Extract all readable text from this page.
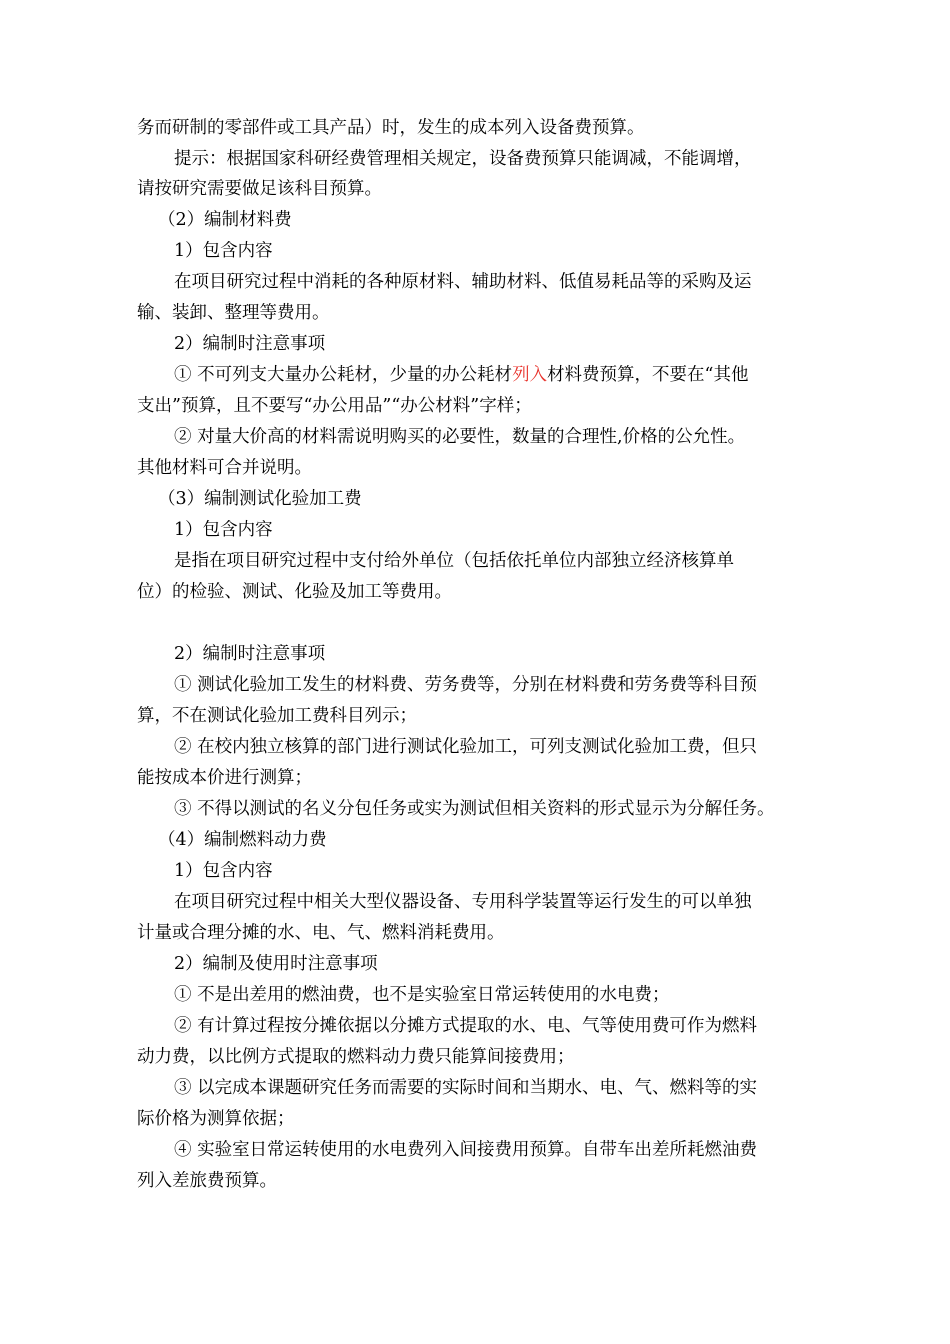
务而研制的零部件或工具产品）时，发生的成本列入设备费预算。
提示：根据国家科研经费管理相关规定，设备费预算只能调减，不能调增，
请按研究需要做足该科目预算。
（2）编制材料费
1）包含内容
在项目研究过程中消耗的各种原材料、辅助材料、低值易耗品等的采购及运
输、装卸、整理等费用。
2）编制时注意事项
① 不可列支大量办公耗材，少量的办公耗材列入材料费预算，不要在“其他
支出”预算，且不要写“办公用品”“办公材料”字样；
② 对量大价高的材料需说明购买的必要性，数量的合理性,价格的公允性。
其他材料可合并说明。
（3）编制测试化验加工费
1）包含内容
是指在项目研究过程中支付给外单位（包括依托单位内部独立经济核算单
位）的检验、测试、化验及加工等费用。
2）编制时注意事项
① 测试化验加工发生的材料费、劳务费等，分别在材料费和劳务费等科目预
算，不在测试化验加工费科目列示；
② 在校内独立核算的部门进行测试化验加工，可列支测试化验加工费，但只
能按成本价进行测算；
③ 不得以测试的名义分包任务或实为测试但相关资料的形式显示为分解任务。
（4）编制燃料动力费
1）包含内容
在项目研究过程中相关大型仪器设备、专用科学装置等运行发生的可以单独
计量或合理分摊的水、电、气、燃料消耗费用。
2）编制及使用时注意事项
① 不是出差用的燃油费，也不是实验室日常运转使用的水电费；
② 有计算过程按分摊依据以分摊方式提取的水、电、气等使用费可作为燃料
动力费，以比例方式提取的燃料动力费只能算间接费用；
③ 以完成本课题研究任务而需要的实际时间和当期水、电、气、燃料等的实
际价格为测算依据；
④ 实验室日常运转使用的水电费列入间接费用预算。自带车出差所耗燃油费
列入差旅费预算。
